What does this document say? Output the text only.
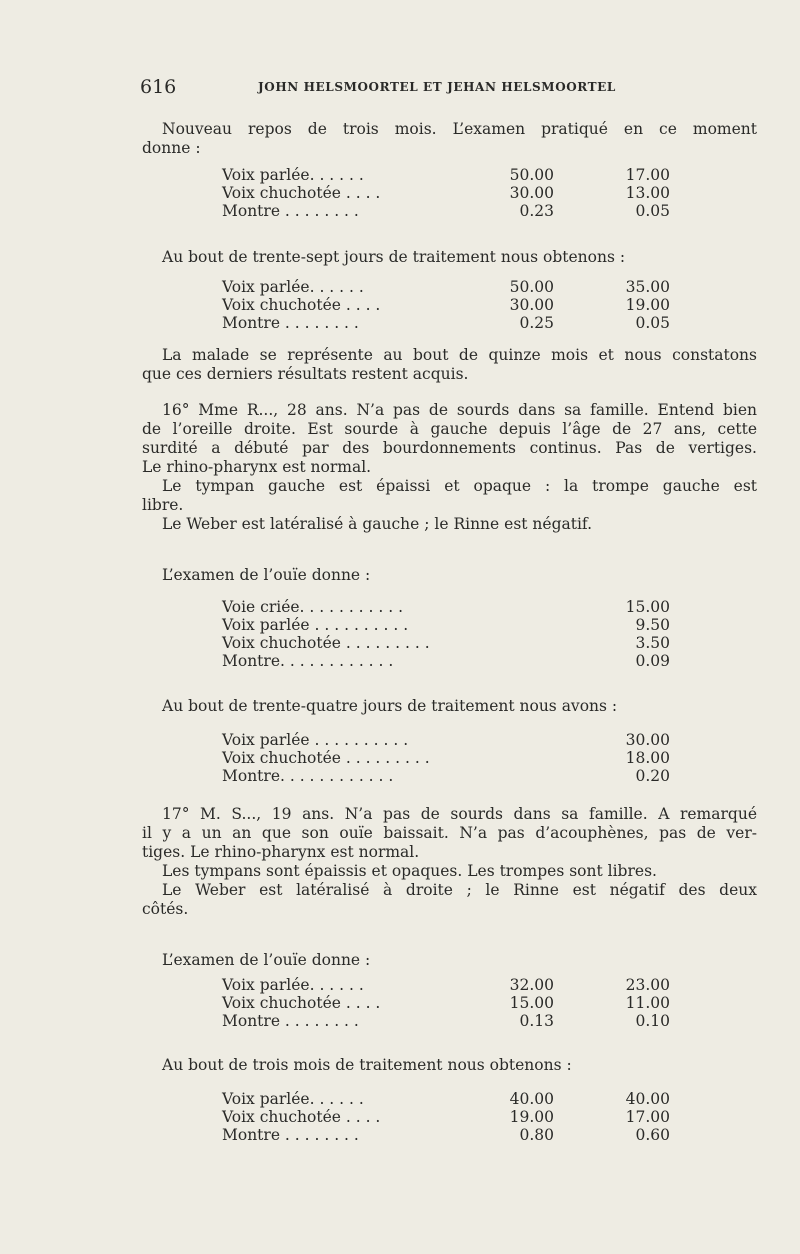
616	JOHN HELSMOORTEL ET JEHAN HELSMOORTEL

Nouveau repos de trois mois. L’examen pratiqué en ce moment

donne :

Voix parlée. . . . . .	50.00	17.00
Voix chuchotée . . . .	30.00	13.00
Montre . . . . . . . .	0.23	0.05

Au bout de trente-sept jours de traitement nous obtenons :

Voix parlée. . . . . .	50.00	35.00
Voix chuchotée . . . .	30.00	19.00
Montre . . . . . . . .	0.25	0.05

La malade se représente au bout de quinze mois et nous constatons

que ces derniers résultats restent acquis.

16° Mme R..., 28 ans. N’a pas de sourds dans sa famille. Entend bien

de l’oreille droite. Est sourde à gauche depuis l’âge de 27 ans, cette

surdité a débuté par des bourdonnements continus. Pas de vertiges.

Le rhino-pharynx est normal.

Le tympan gauche est épaissi et opaque : la trompe gauche est

libre.

Le Weber est latéralisé à gauche ; le Rinne est négatif.

L’examen de l’ouïe donne :

Voie criée. . . . . . . . . . .	15.00
Voix parlée . . . . . . . . . .	9.50
Voix chuchotée . . . . . . . . .	3.50
Montre. . . . . . . . . . . .	0.09

Au bout de trente-quatre jours de traitement nous avons :

Voix parlée . . . . . . . . . .	30.00
Voix chuchotée . . . . . . . . .	18.00
Montre. . . . . . . . . . . .	0.20

17° M. S..., 19 ans. N’a pas de sourds dans sa famille. A remarqué

il y a un an que son ouïe baissait. N’a pas d’acouphènes, pas de ver-

tiges. Le rhino-pharynx est normal.

Les tympans sont épaissis et opaques. Les trompes sont libres.

Le Weber est latéralisé à droite ; le Rinne est négatif des deux

côtés.

L’examen de l’ouïe donne :

Voix parlée. . . . . .	32.00	23.00
Voix chuchotée . . . .	15.00	11.00
Montre . . . . . . . .	0.13	0.10

Au bout de trois mois de traitement nous obtenons :

Voix parlée. . . . . .	40.00	40.00
Voix chuchotée . . . .	19.00	17.00
Montre . . . . . . . .	0.80	0.60
